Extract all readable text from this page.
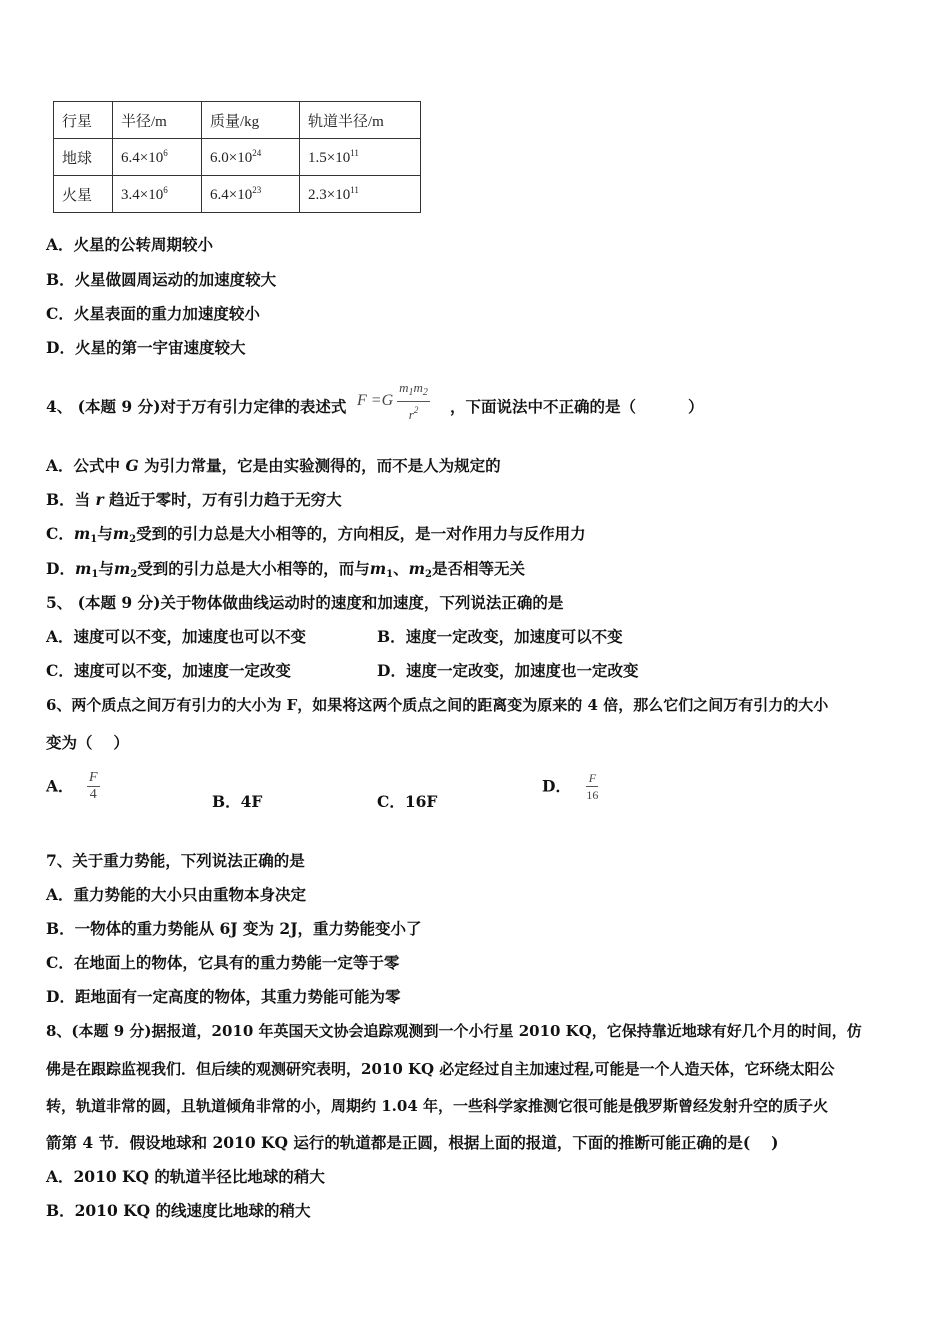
行星	半径/m	质量/kg	轨道半径/m
地球	$6.4\times 10^6$	$6.0\times 10^{24}$	$1.5\times 10^{11}$
火星	$3.4\times 10^6$	$6.4\times 10^{23}$	$2.3\times 10^{11}$
A．火星的公转周期较小
B．火星做圆周运动的加速度较大
C．火星表面的重力加速度较小
D．火星的第一宇宙速度较大
4、 (本题 9 分)对于万有引力定律的表述式 $F =G \frac{m_1m_2}{r^2}$ ，下面说法中不正确的是（	）
A．公式中 G 为引力常量，它是由实验测得的，而不是人为规定的
B．当 r 趋近于零时，万有引力趋于无穷大
C．$m_1$与$m_2$受到的引力总是大小相等的，方向相反，是一对作用力与反作用力
D．$m_1$与$m_2$受到的引力总是大小相等的，而与$m_1$、$m_2$是否相等无关
5、 (本题 9 分)关于物体做曲线运动时的速度和加速度，下列说法正确的是
A．速度可以不变，加速度也可以不变	B．速度一定改变，加速度可以不变
C．速度可以不变，加速度一定改变	D．速度一定改变，加速度也一定改变
6、两个质点之间万有引力的大小为 F，如果将这两个质点之间的距离变为原来的 4 倍，那么它们之间万有引力的大小
变为（　 ）
A． $\frac{F}{4}$	B．4F	C．16F
D． $\frac{F}{16}$
7、关于重力势能，下列说法正确的是
A．重力势能的大小只由重物本身决定
B．一物体的重力势能从 6J 变为 2J，重力势能变小了
C．在地面上的物体，它具有的重力势能一定等于零
D．距地面有一定高度的物体，其重力势能可能为零
8、(本题 9 分)据报道，2010 年英国天文协会追踪观测到一个小行星 2010 KQ，它保持靠近地球有好几个月的时间，仿
佛是在跟踪监视我们．但后续的观测研究表明，2010 KQ 必定经过自主加速过程,可能是一个人造天体，它环绕太阳公
转，轨道非常的圆，且轨道倾角非常的小，周期约 1.04 年，一些科学家推测它很可能是俄罗斯曾经发射升空的质子火
箭第 4 节．假设地球和 2010 KQ 运行的轨道都是正圆，根据上面的报道，下面的推断可能正确的是(　 )
A．2010 KQ 的轨道半径比地球的稍大
B．2010 KQ 的线速度比地球的稍大
